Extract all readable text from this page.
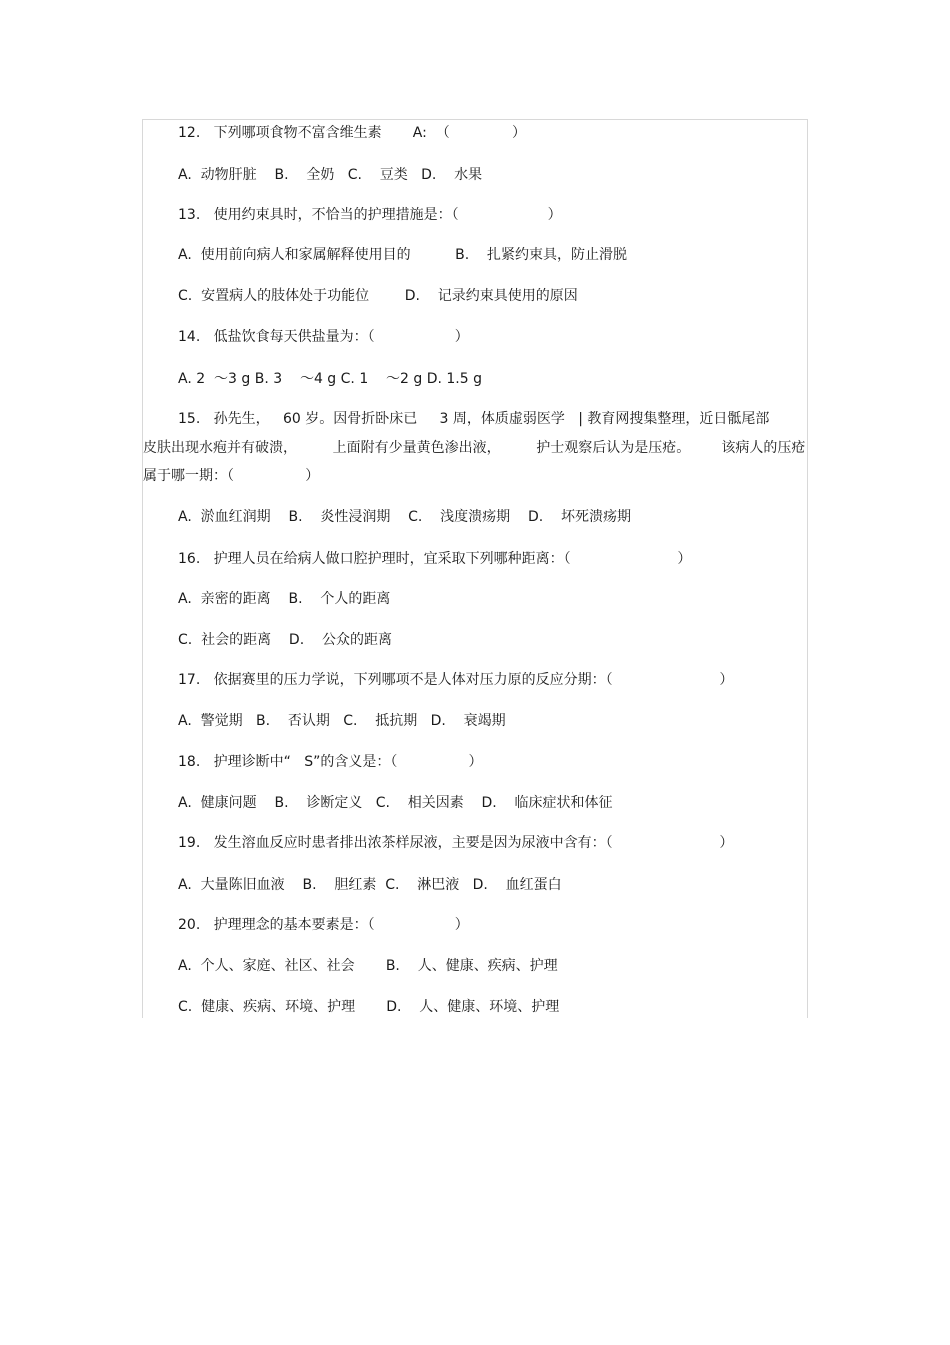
12.   下列哪项食物不富含维生素       A:  （              ）
A.  动物肝脏    B.    全奶   C.    豆类   D.    水果
13.   使用约束具时，不恰当的护理措施是：（                    ）
A.  使用前向病人和家属解释使用目的          B.    扎紧约束具，防止滑脱
C.  安置病人的肢体处于功能位        D.    记录约束具使用的原因
14.   低盐饮食每天供盐量为：（                  ）
A. 2  ～3 g B. 3    ～4 g C. 1    ～2 g D. 1.5 g
15.   孙先生，   60 岁。因骨折卧床已     3 周，体质虚弱医学   | 教育网搜集整理，近日骶尾部
皮肤出现水疱并有破溃，        上面附有少量黄色渗出液，        护士观察后认为是压疮。       该病人的压疮
属于哪一期：（                ）
A.  淤血红润期    B.    炎性浸润期    C.    浅度溃疡期    D.    坏死溃疡期
16.   护理人员在给病人做口腔护理时，宜采取下列哪种距离：（                        ）
A.  亲密的距离    B.    个人的距离
C.  社会的距离    D.    公众的距离
17.   依据赛里的压力学说，下列哪项不是人体对压力原的反应分期：（                        ）
A.  警觉期   B.    否认期   C.    抵抗期   D.    衰竭期
18.   护理诊断中“   S”的含义是：（                ）
A.  健康问题    B.    诊断定义   C.    相关因素    D.    临床症状和体征
19.   发生溶血反应时患者排出浓茶样尿液，主要是因为尿液中含有：（                        ）
A.  大量陈旧血液    B.    胆红素  C.    淋巴液   D.    血红蛋白
20.   护理理念的基本要素是：（                  ）
A.  个人、家庭、社区、社会       B.    人、健康、疾病、护理
C.  健康、疾病、环境、护理       D.    人、健康、环境、护理
